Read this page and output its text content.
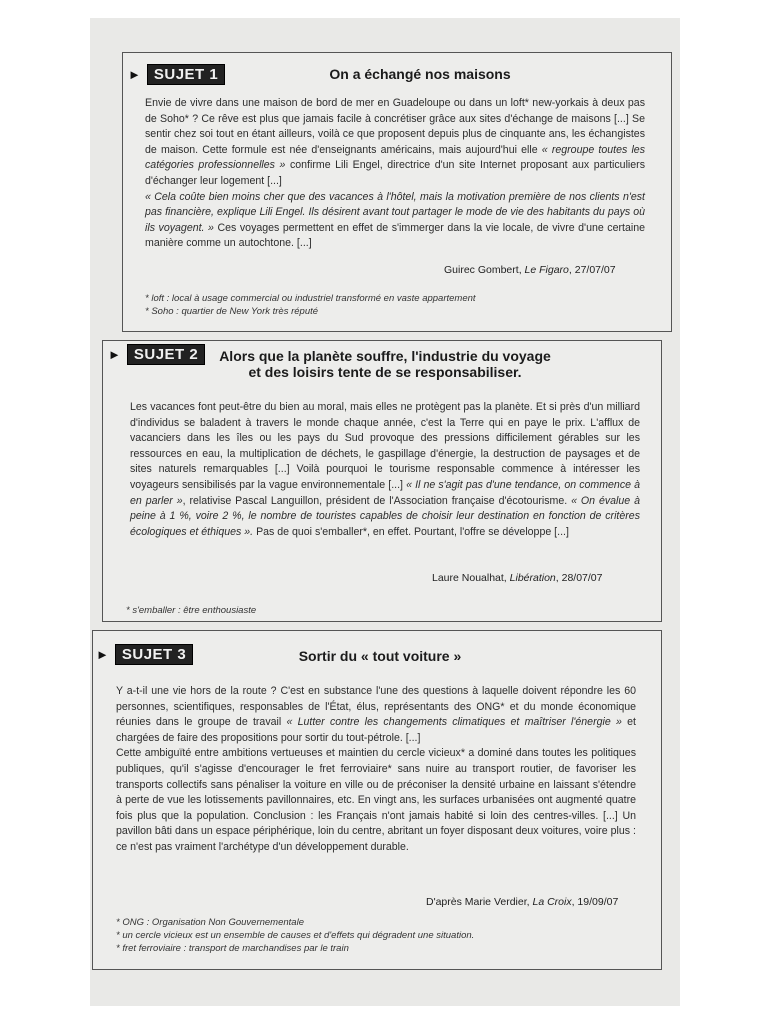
► SUJET 1	On a échangé nos maisons

Envie de vivre dans une maison de bord de mer en Guadeloupe ou dans un loft* new-yorkais à deux pas de Soho* ? Ce rêve est plus que jamais facile à concrétiser grâce aux sites d'échange de maisons [...] Se sentir chez soi tout en étant ailleurs, voilà ce que proposent depuis plus de cinquante ans, les échangistes de maison. Cette formule est née d'enseignants américains, mais aujourd'hui elle « regroupe toutes les catégories professionnelles » confirme Lili Engel, directrice d'un site Internet proposant aux particuliers d'échanger leur logement [...]

« Cela coûte bien moins cher que des vacances à l'hôtel, mais la motivation première de nos clients n'est pas financière, explique Lili Engel. Ils désirent avant tout partager le mode de vie des habitants du pays où ils voyagent. » Ces voyages permettent en effet de s'immerger dans la vie locale, de vivre d'une certaine manière comme un autochtone. [...]

Guirec Gombert, Le Figaro, 27/07/07
* loft : local à usage commercial ou industriel transformé en vaste appartement
* Soho : quartier de New York très réputé
► SUJET 2	Alors que la planète souffre, l'industrie du voyage
et des loisirs tente de se responsabiliser.

Les vacances font peut-être du bien au moral, mais elles ne protègent pas la planète. Et si près d'un milliard d'individus se baladent à travers le monde chaque année, c'est la Terre qui en paye le prix. L'afflux de vacanciers dans les îles ou les pays du Sud provoque des pressions difficilement gérables sur les ressources en eau, la multiplication de déchets, le gaspillage d'énergie, la destruction de paysages et de sites naturels remarquables [...] Voilà pourquoi le tourisme responsable commence à intéresser les voyageurs sensibilisés par la vague environnementale [...] « Il ne s'agit pas d'une tendance, on commence à en parler », relativise Pascal Languillon, président de l'Association française d'écotourisme. « On évalue à peine à 1 %, voire 2 %, le nombre de touristes capables de choisir leur destination en fonction de critères écologiques et éthiques ». Pas de quoi s'emballer*, en effet. Pourtant, l'offre se développe [...]

Laure Noualhat, Libération, 28/07/07
* s'emballer : être enthousiaste
► SUJET 3	Sortir du « tout voiture »

Y a-t-il une vie hors de la route ? C'est en substance l'une des questions à laquelle doivent répondre les 60 personnes, scientifiques, responsables de l'État, élus, représentants des ONG* et du monde économique réunies dans le groupe de travail « Lutter contre les changements climatiques et maîtriser l'énergie » et chargées de faire des propositions pour sortir du tout-pétrole. [...]

Cette ambiguïté entre ambitions vertueuses et maintien du cercle vicieux* a dominé dans toutes les politiques publiques, qu'il s'agisse d'encourager le fret ferroviaire* sans nuire au transport routier, de favoriser les transports collectifs sans pénaliser la voiture en ville ou de préconiser la densité urbaine en laissant s'étendre à perte de vue les lotissements pavillonnaires, etc. En vingt ans, les surfaces urbanisées ont augmenté quatre fois plus que la population. Conclusion : les Français n'ont jamais habité si loin des centres-villes. [...] Un pavillon bâti dans un espace périphérique, loin du centre, abritant un foyer disposant deux voitures, voire plus : ce n'est pas vraiment l'archétype d'un développement durable.

D'après Marie Verdier, La Croix, 19/09/07
* ONG : Organisation Non Gouvernementale
* un cercle vicieux est un ensemble de causes et d'effets qui dégradent une situation.
* fret ferroviaire : transport de marchandises par le train
